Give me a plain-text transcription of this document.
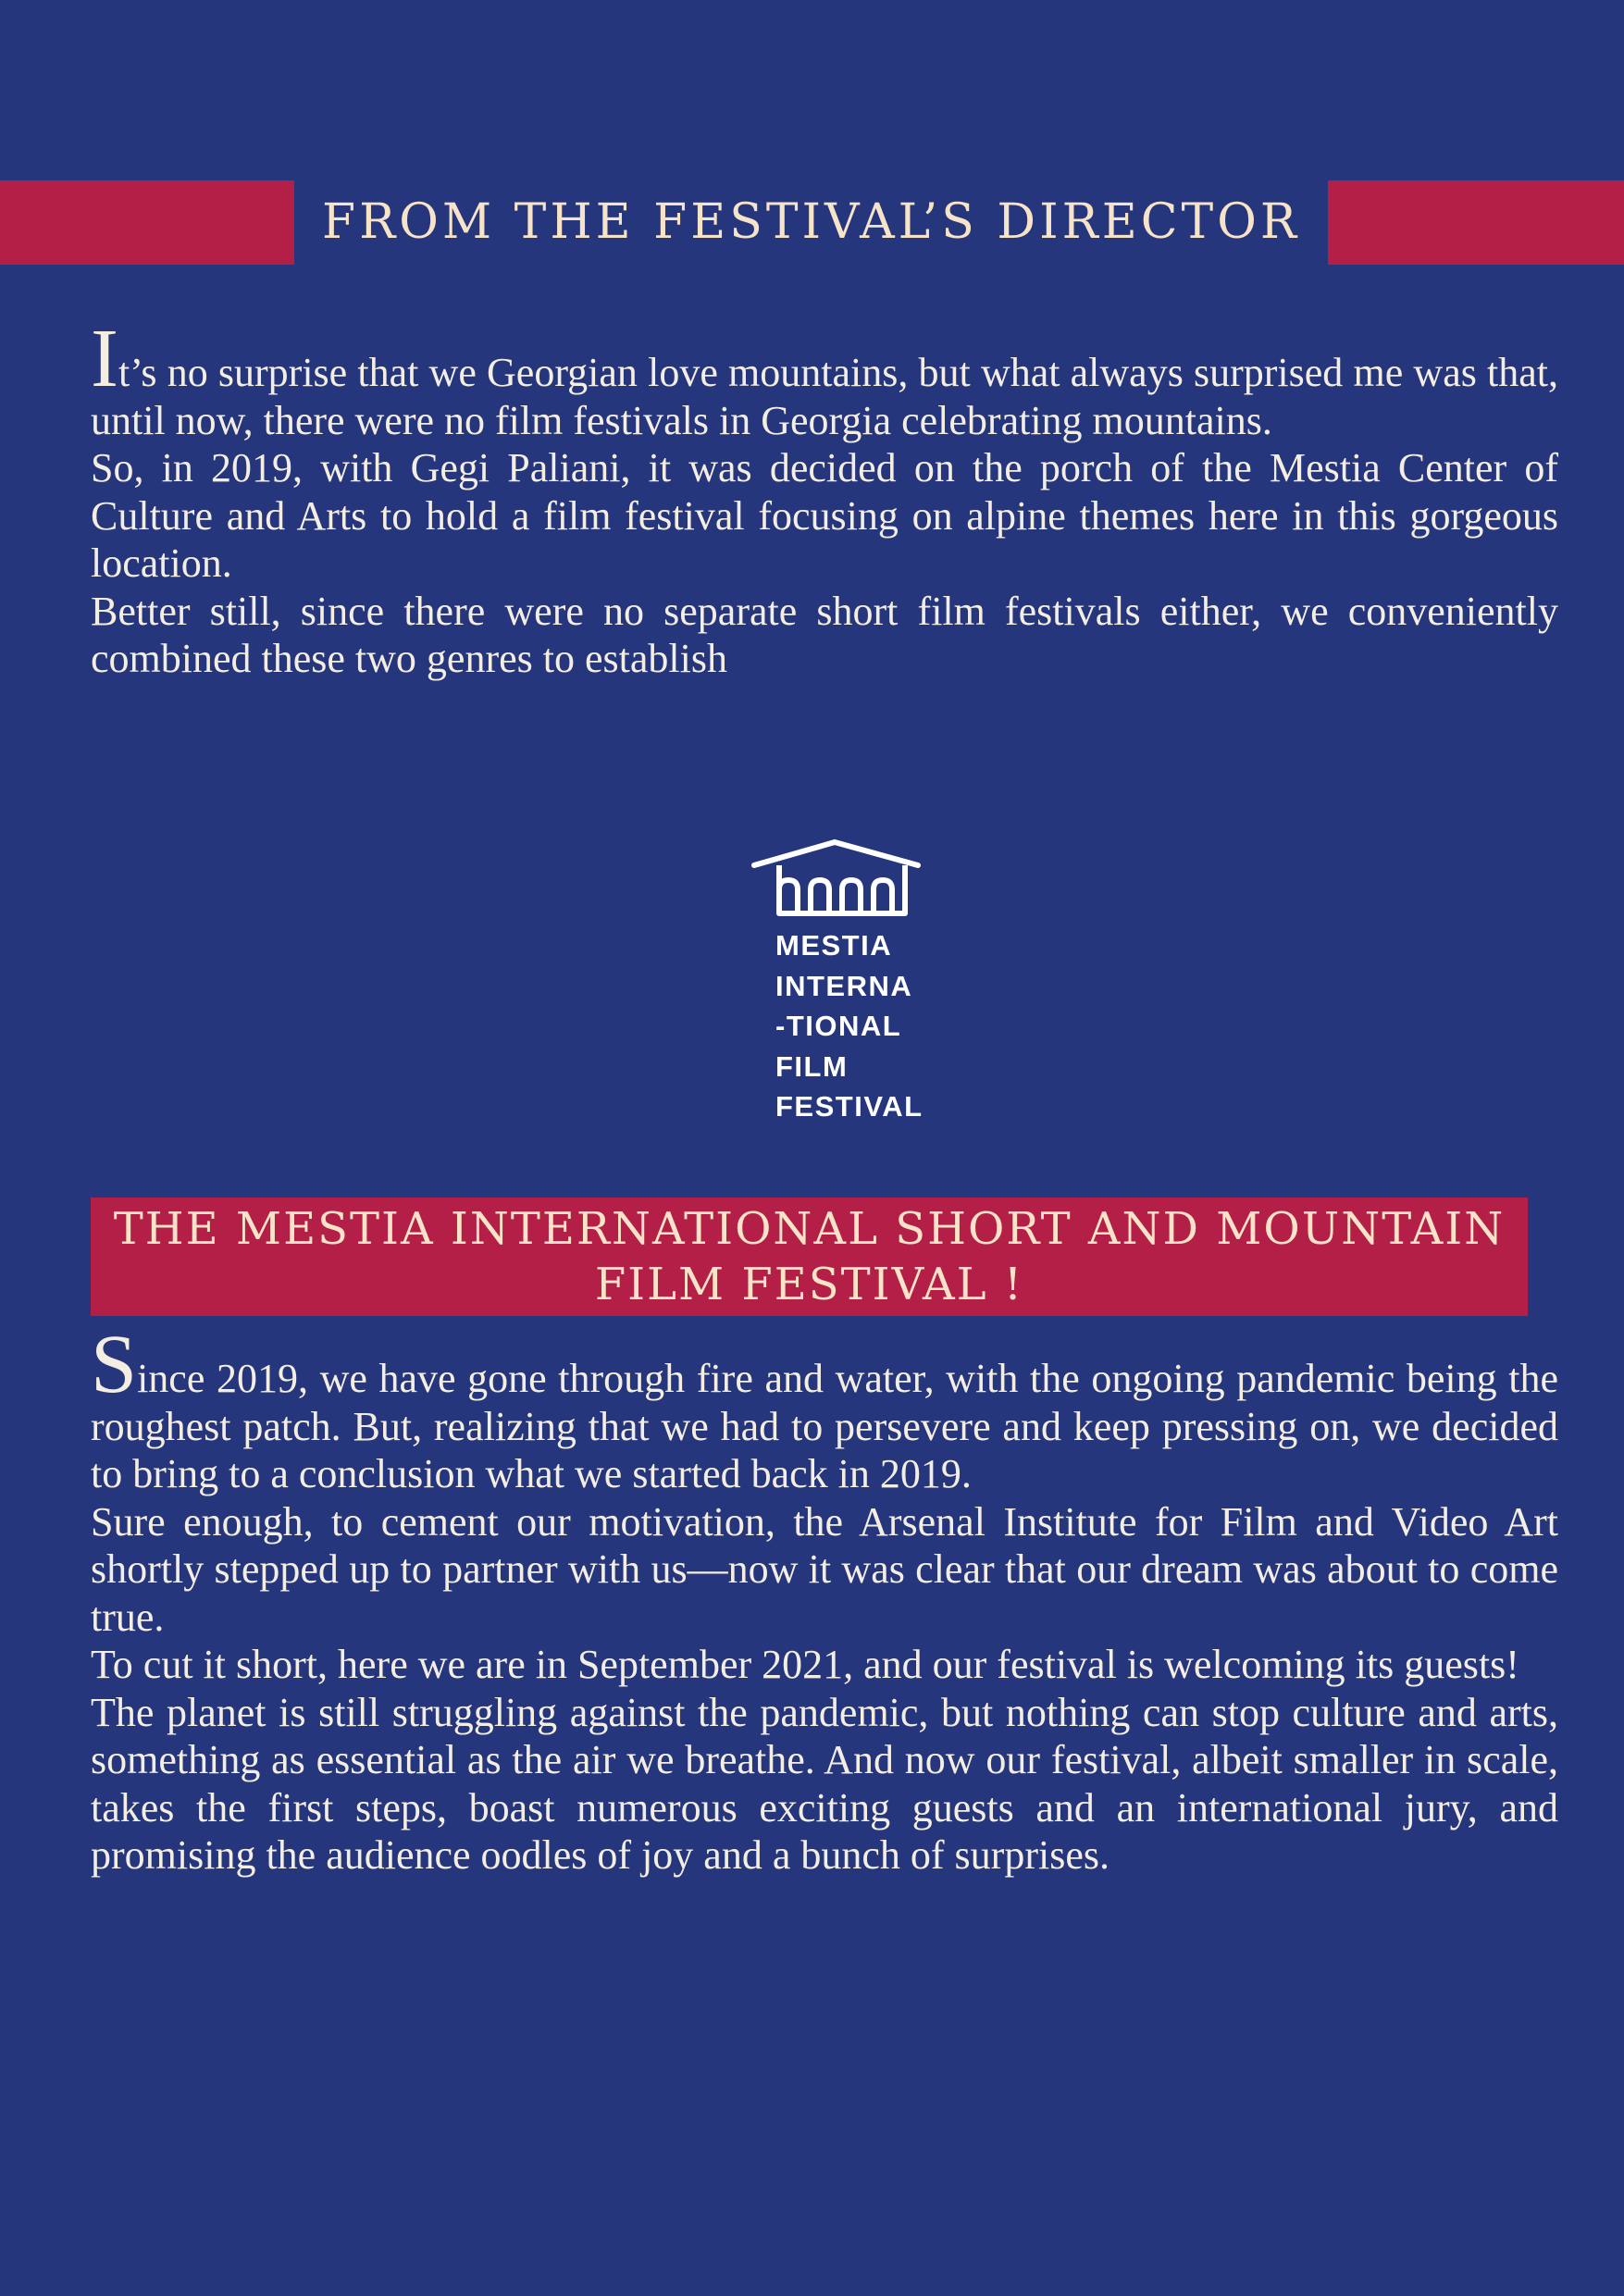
FROM THE FESTIVAL’S DIRECTOR

It’s no surprise that we Georgian love mountains, but what always surprised me was that, until now, there were no film festivals in Georgia celebrating mountains.

So, in 2019, with Gegi Paliani, it was decided on the porch of the Mestia Center of Culture and Arts to hold a film festival focusing on alpine themes here in this gorgeous location.

Better still, since there were no separate short film festivals either, we conveniently combined these two genres to establish

MESTIA
INTERNA
-TIONAL
FILM
FESTIVAL
THE MESTIA INTERNATIONAL SHORT AND MOUNTAIN
FILM FESTIVAL !

Since 2019, we have gone through fire and water, with the ongoing pandemic being the roughest patch. But, realizing that we had to persevere and keep pressing on, we decided to bring to a conclusion what we started back in 2019.

Sure enough, to cement our motivation, the Arsenal Institute for Film and Video Art shortly stepped up to partner with us—now it was clear that our dream was about to come true.

To cut it short, here we are in September 2021, and our festival is welcoming its guests!

The planet is still struggling against the pandemic, but nothing can stop culture and arts, something as essential as the air we breathe. And now our festival, albeit smaller in scale, takes the first steps, boast numerous exciting guests and an international jury, and promising the audience oodles of joy and a bunch of surprises.
